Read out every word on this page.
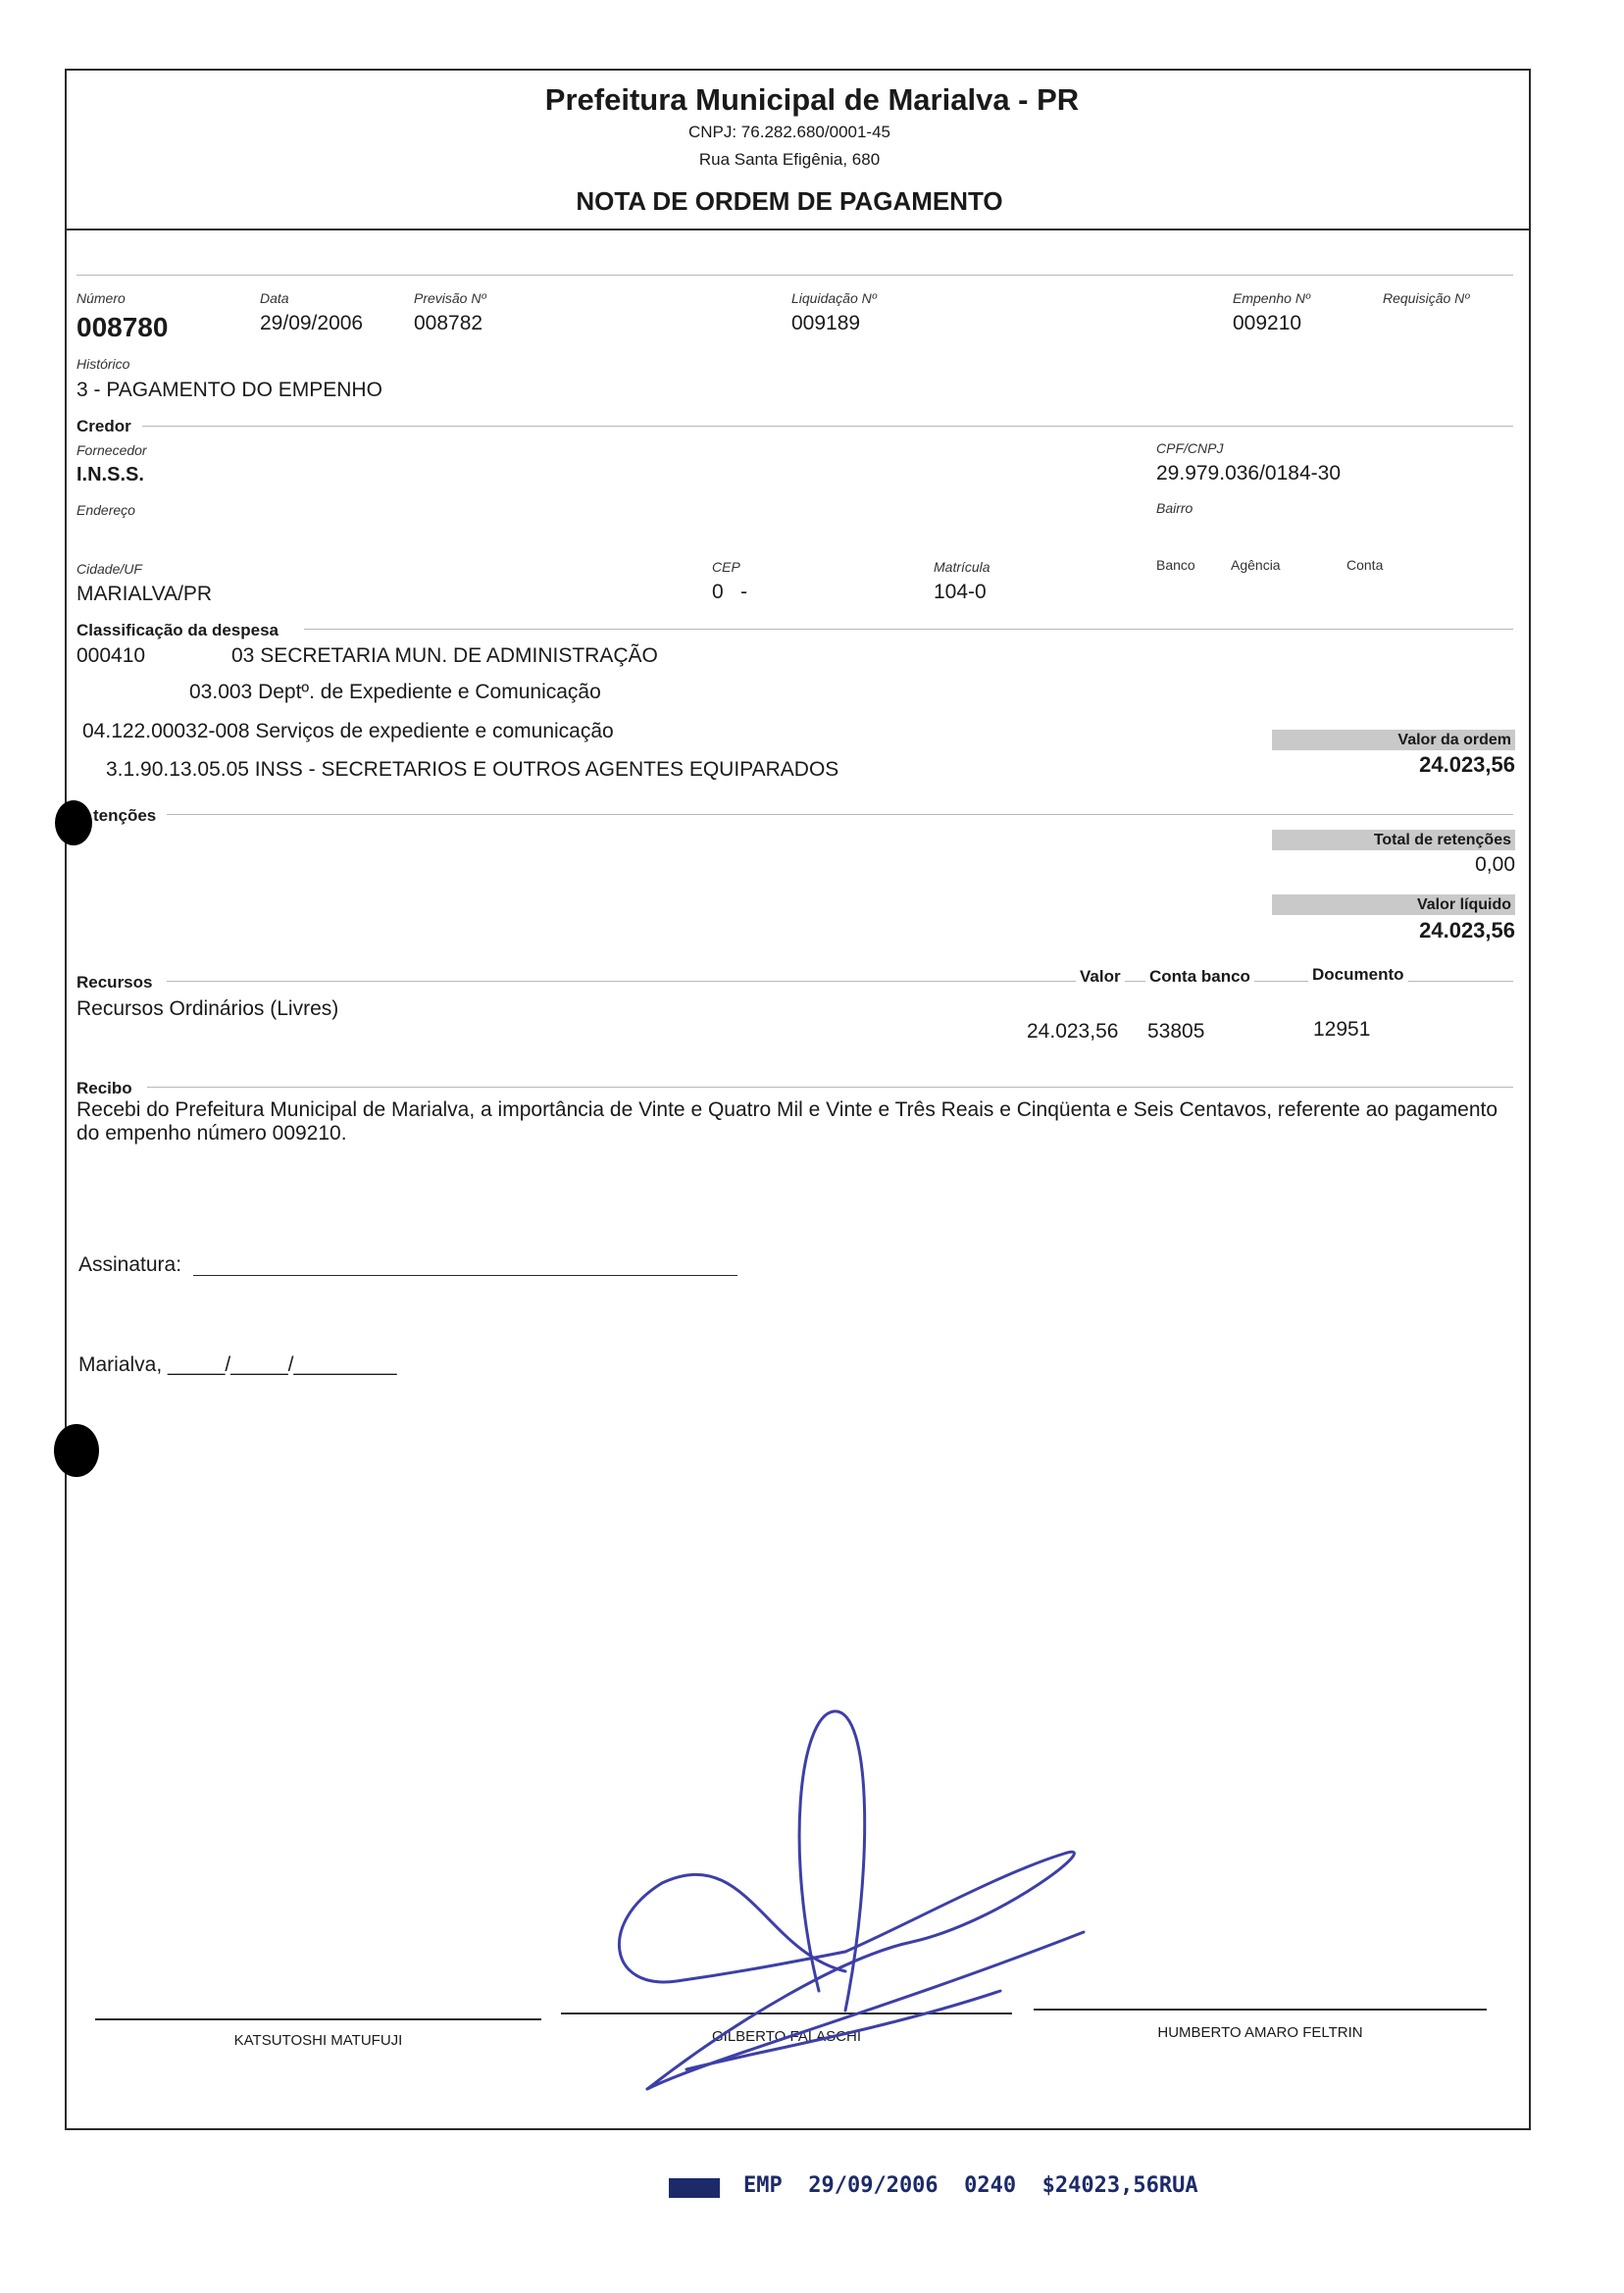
Prefeitura Municipal de Marialva - PR
CNPJ: 76.282.680/0001-45
Rua Santa Efigênia, 680
NOTA DE ORDEM DE PAGAMENTO
Número
008780
Data
29/09/2006
Previsão Nº
008782
Liquidação Nº
009189
Empenho Nº
009210
Requisição Nº
Histórico
3 - PAGAMENTO DO EMPENHO
Credor
Fornecedor
I.N.S.S.
CPF/CNPJ
29.979.036/0184-30
Endereço	Bairro
Cidade/UF
MARIALVA/PR
CEP
0   -
Matrícula
104-0
Banco	Agência	Conta
Classificação da despesa
000410	03 SECRETARIA MUN. DE ADMINISTRAÇÃO
03.003 Deptº. de Expediente e Comunicação
04.122.00032-008 Serviços de expediente e comunicação
3.1.90.13.05.05 INSS - SECRETARIOS E OUTROS AGENTES EQUIPARADOS
Valor da ordem
24.023,56
tenções
Total de retenções
0,00
Valor líquido
24.023,56
Recursos	Valor Conta banco	Documento
Recursos Ordinários (Livres)
24.023,56 53805	12951
Recibo
Recebi do Prefeitura Municipal de Marialva, a importância de Vinte e Quatro Mil e Vinte e Três Reais e Cinqüenta e Seis Centavos, referente ao pagamento do empenho número 009210.
Assinatura:
Marialva, _____/_____/_________
KATSUTOSHI MATUFUJI	GILBERTO FALASCHI	HUMBERTO AMARO FELTRIN
EMP  29/09/2006  0240  $24023,56RUA
